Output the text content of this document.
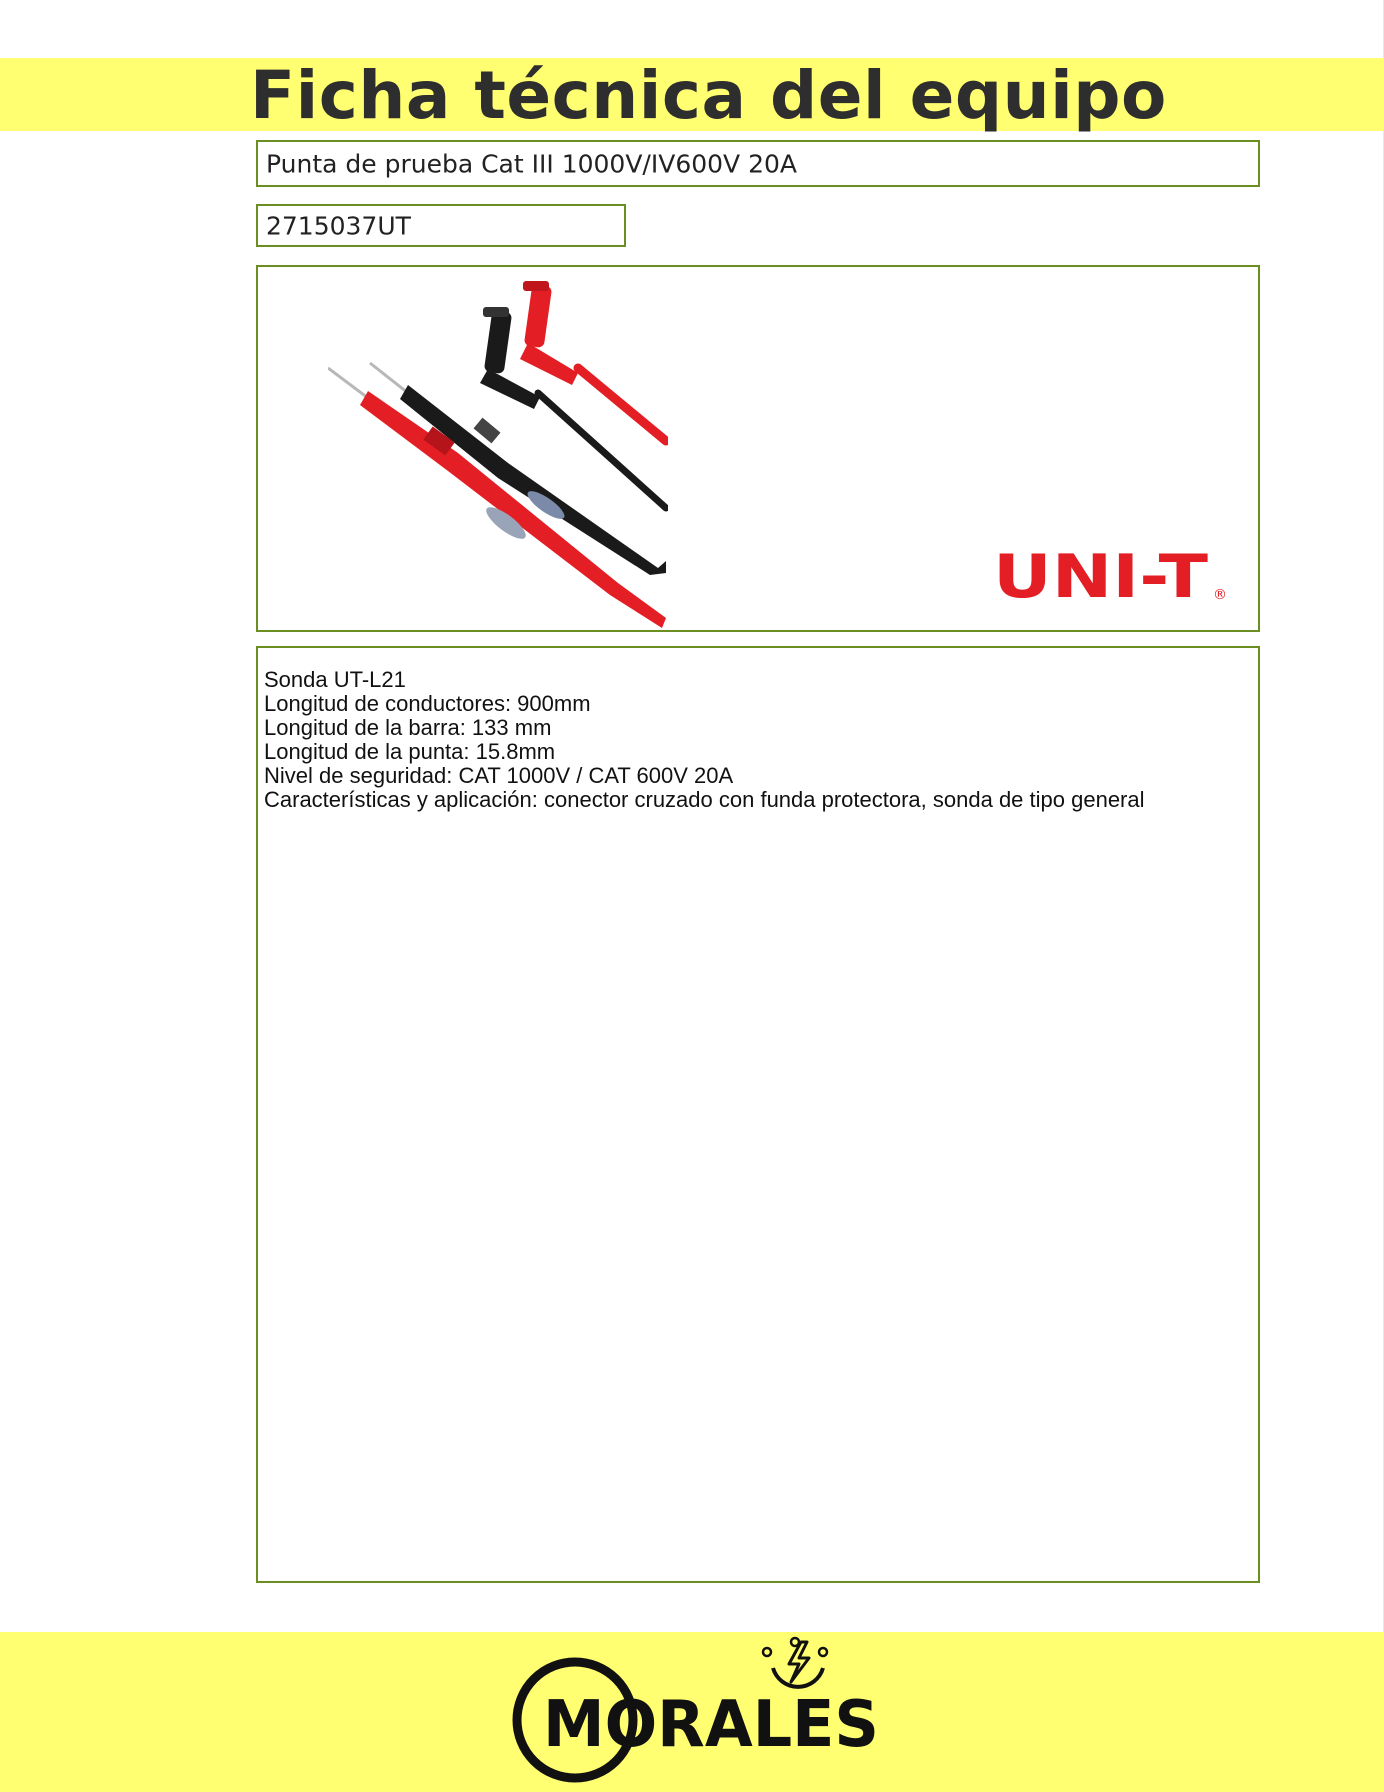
Ficha técnica del equipo
Punta de prueba Cat III 1000V/IV600V 20A
2715037UT
UNI-T ®
Sonda UT-L21
Longitud de conductores: 900mm
Longitud de la barra: 133 mm
Longitud de la punta: 15.8mm
Nivel de seguridad: CAT 1000V / CAT 600V 20A
Características y aplicación: conector cruzado con funda protectora, sonda de tipo general
MORALES
